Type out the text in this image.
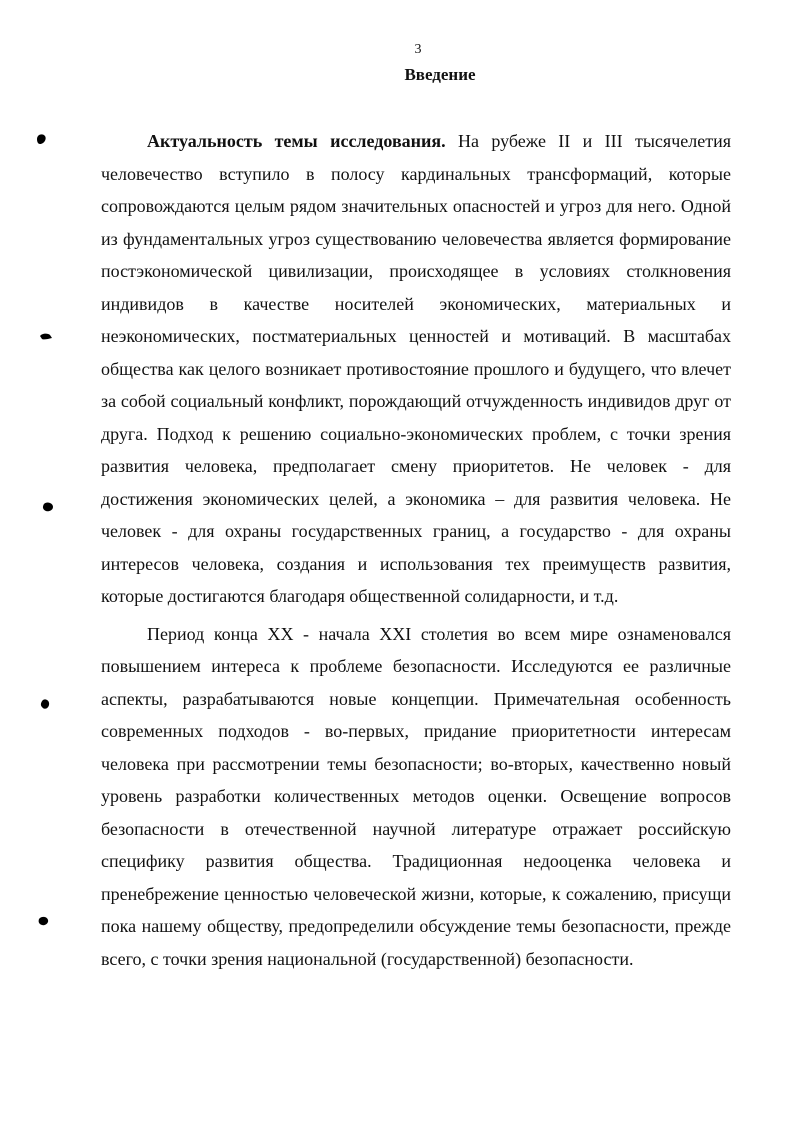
3
Введение

Актуальность темы исследования. На рубеже II и III тысячелетия человечество вступило в полосу кардинальных трансформаций, которые сопровождаются целым рядом значительных опасностей и угроз для него. Одной из фундаментальных угроз существованию человечества является формирование постэкономической цивилизации, происходящее в условиях столкновения индивидов в качестве носителей экономических, материальных и неэкономических, постматериальных ценностей и мотиваций. В масштабах общества как целого возникает противостояние прошлого и будущего, что влечет за собой социальный конфликт, порождающий отчужденность индивидов друг от друга. Подход к решению социально-экономических проблем, с точки зрения развития человека, предполагает смену приоритетов. Не человек - для достижения экономических целей, а экономика – для развития человека. Не человек - для охраны государственных границ, а государство - для охраны интересов человека, создания и использования тех преимуществ развития, которые достигаются благодаря общественной солидарности, и т.д.

Период конца XX - начала XXI столетия во всем мире ознаменовался повышением интереса к проблеме безопасности. Исследуются ее различные аспекты, разрабатываются новые концепции. Примечательная особенность современных подходов - во-первых, придание приоритетности интересам человека при рассмотрении темы безопасности; во-вторых, качественно новый уровень разработки количественных методов оценки. Освещение вопросов безопасности в отечественной научной литературе отражает российскую специфику развития общества. Традиционная недооценка человека и пренебрежение ценностью человеческой жизни, которые, к сожалению, присущи пока нашему обществу, предопределили обсуждение темы безопасности, прежде всего, с точки зрения национальной (государственной) безопасности.
